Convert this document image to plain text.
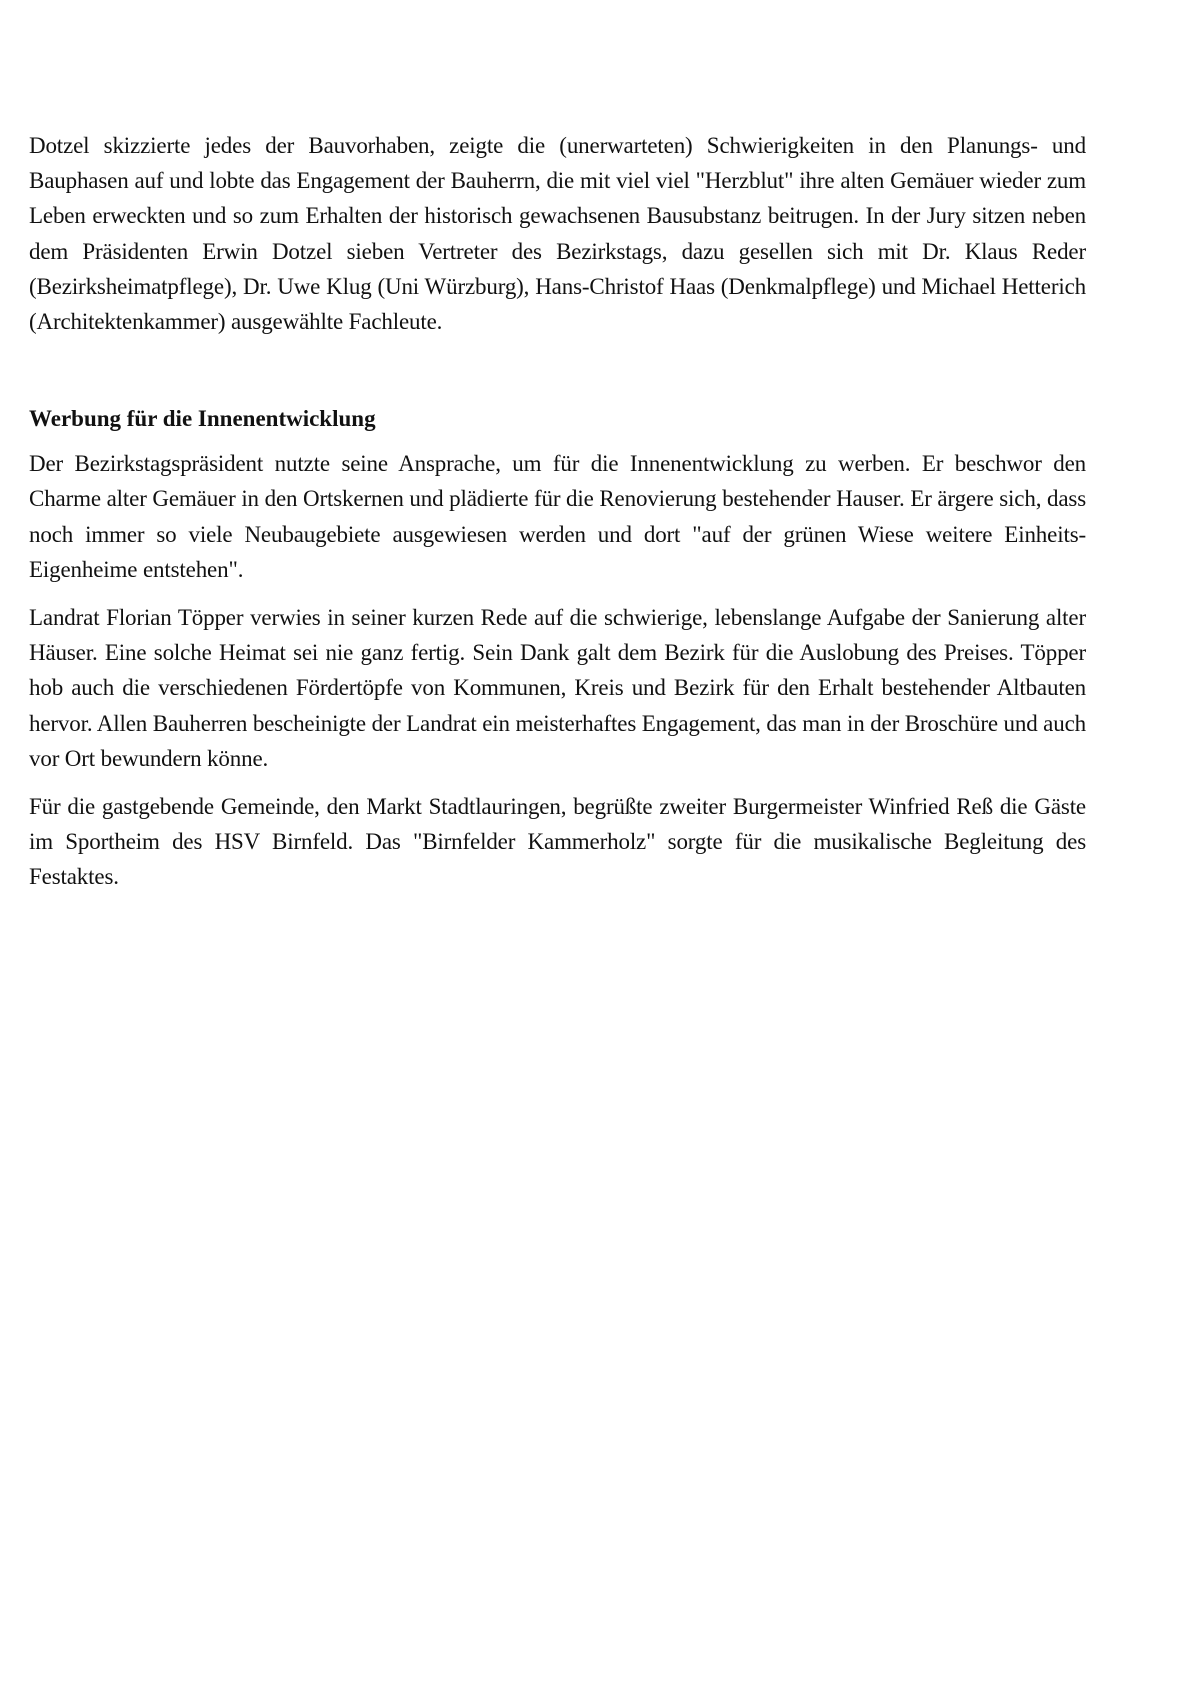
Dotzel skizzierte jedes der Bauvorhaben, zeigte die (unerwarteten) Schwierigkeiten in den Planungs- und Bauphasen auf und lobte das Engagement der Bauherrn, die mit viel viel "Herzblut" ihre alten Gemäuer wieder zum Leben erweckten und so zum Erhalten der historisch gewachsenen Bausubstanz beitrugen. In der Jury sitzen neben dem Präsidenten Erwin Dotzel sieben Vertreter des Bezirkstags, dazu gesellen sich mit Dr. Klaus Reder (Bezirksheimatpflege), Dr. Uwe Klug (Uni Würzburg), Hans-Christof Haas (Denkmalpflege) und Michael Hetterich (Architektenkammer) ausgewählte Fachleute.

Werbung für die Innenentwicklung

Der Bezirkstagspräsident nutzte seine Ansprache, um für die Innenentwicklung zu werben. Er beschwor den Charme alter Gemäuer in den Ortskernen und plädierte für die Renovierung bestehender Hauser. Er ärgere sich, dass noch immer so viele Neubaugebiete ausgewiesen werden und dort "auf der grünen Wiese weitere Einheits-Eigenheime entstehen".

Landrat Florian Töpper verwies in seiner kurzen Rede auf die schwierige, lebenslange Aufgabe der Sanierung alter Häuser. Eine solche Heimat sei nie ganz fertig. Sein Dank galt dem Bezirk für die Auslobung des Preises. Töpper hob auch die verschiedenen Fördertöpfe von Kommunen, Kreis und Bezirk für den Erhalt bestehender Altbauten hervor. Allen Bauherren bescheinigte der Landrat ein meisterhaftes Engagement, das man in der Broschüre und auch vor Ort bewundern könne.

Für die gastgebende Gemeinde, den Markt Stadtlauringen, begrüßte zweiter Burgermeister Winfried Reß die Gäste im Sportheim des HSV Birnfeld. Das "Birnfelder Kammerholz" sorgte für die musikalische Begleitung des Festaktes.
